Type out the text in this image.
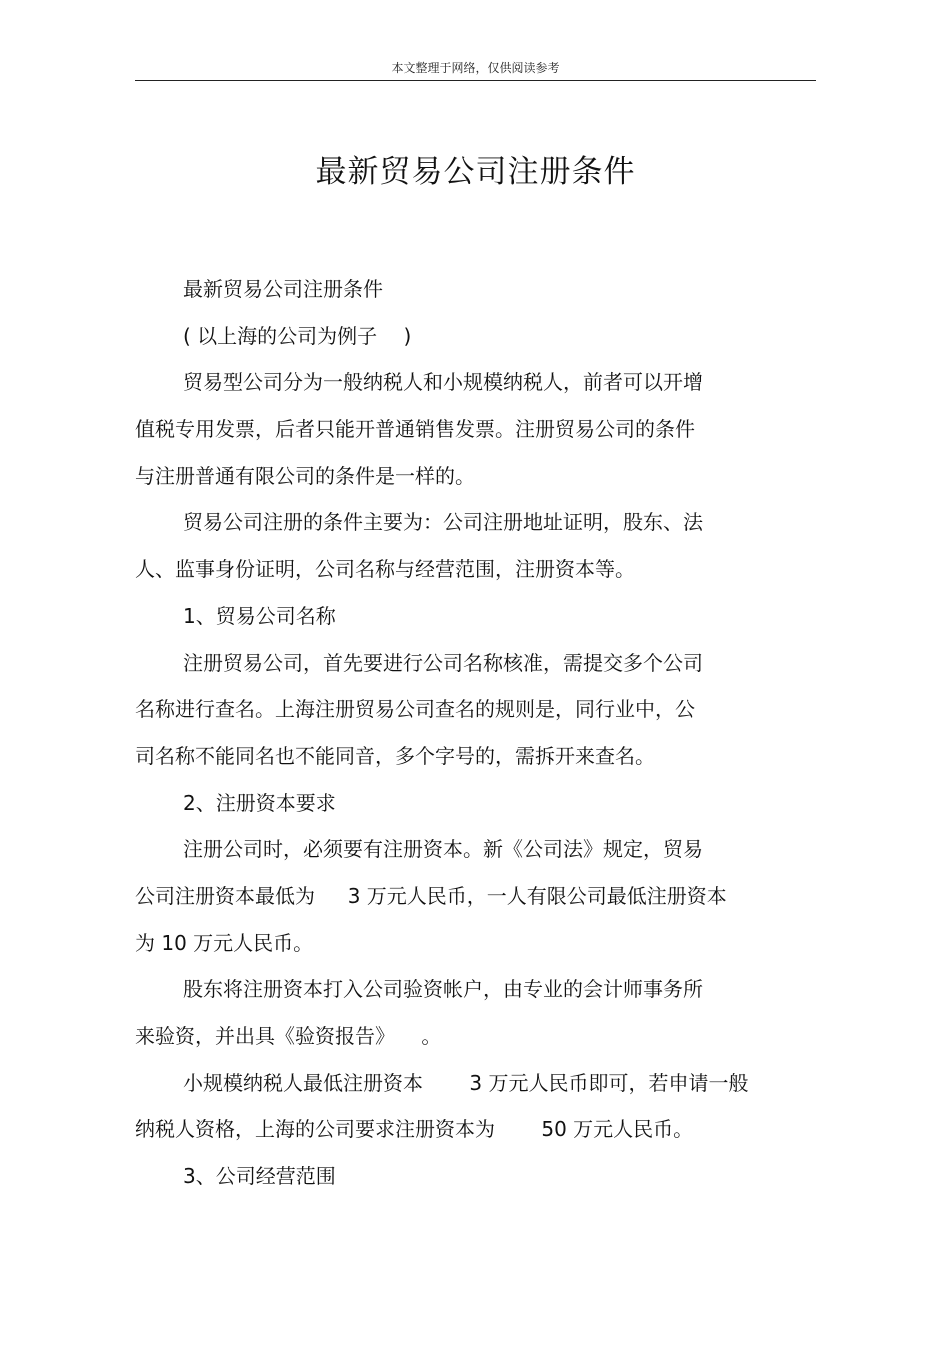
本文整理于网络，仅供阅读参考
最新贸易公司注册条件
最新贸易公司注册条件
( 以上海的公司为例子 　)
贸易型公司分为一般纳税人和小规模纳税人，前者可以开增
值税专用发票，后者只能开普通销售发票。注册贸易公司的条件
与注册普通有限公司的条件是一样的。
贸易公司注册的条件主要为：公司注册地址证明，股东、法
人、监事身份证明，公司名称与经营范围，注册资本等。
1、贸易公司名称
注册贸易公司，首先要进行公司名称核准，需提交多个公司
名称进行查名。上海注册贸易公司查名的规则是，同行业中，公
司名称不能同名也不能同音，多个字号的，需拆开来查名。
2、注册资本要求
注册公司时，必须要有注册资本。新《公司法》规定，贸易
公司注册资本最低为 　 3 万元人民币，一人有限公司最低注册资本
为 10 万元人民币。
股东将注册资本打入公司验资帐户，由专业的会计师事务所
来验资，并出具《验资报告》 　。
小规模纳税人最低注册资本 　　3 万元人民币即可，若申请一般
纳税人资格，上海的公司要求注册资本为 　　50 万元人民币。
3、公司经营范围
